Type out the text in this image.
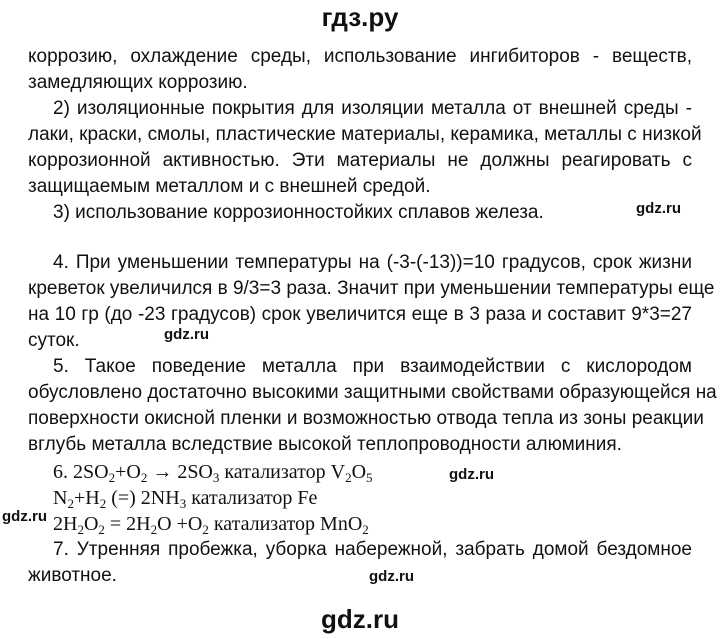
гдз.ру
коррозию, охлаждение среды, использование ингибиторов - веществ,
замедляющих коррозию.
2) изоляционные покрытия для изоляции металла от внешней среды -
лаки, краски, смолы, пластические материалы, керамика, металлы с низкой
коррозионной активностью. Эти материалы не должны реагировать с
защищаемым металлом и с внешней средой.
3) использование коррозионностойких сплавов железа.	gdz.ru
4. При уменьшении температуры на (-3-(-13))=10 градусов, срок жизни
креветок увеличился в 9/3=3 раза. Значит при уменьшении температуры еще
на 10 гр (до -23 градусов) срок увеличится еще в 3 раза и составит 9*3=27
суток.	gdz.ru
5. Такое поведение металла при взаимодействии с кислородом
обусловлено достаточно высокими защитными свойствами образующейся на
поверхности окисной пленки и возможностью отвода тепла из зоны реакции
вглубь металла вследствие высокой теплопроводности алюминия.
6. $2SO_2+O_2 \to 2SO_3$ катализатор $V_2O_5$	gdz.ru
$N_2+H_2$ (=) $2NH_3$ катализатор Fe
gdz.ru $2H_2O_2 = 2H_2O +O_2$ катализатор MnO$_2$
7. Утренняя пробежка, уборка набережной, забрать домой бездомное
животное.	gdz.ru
gdz.ru
